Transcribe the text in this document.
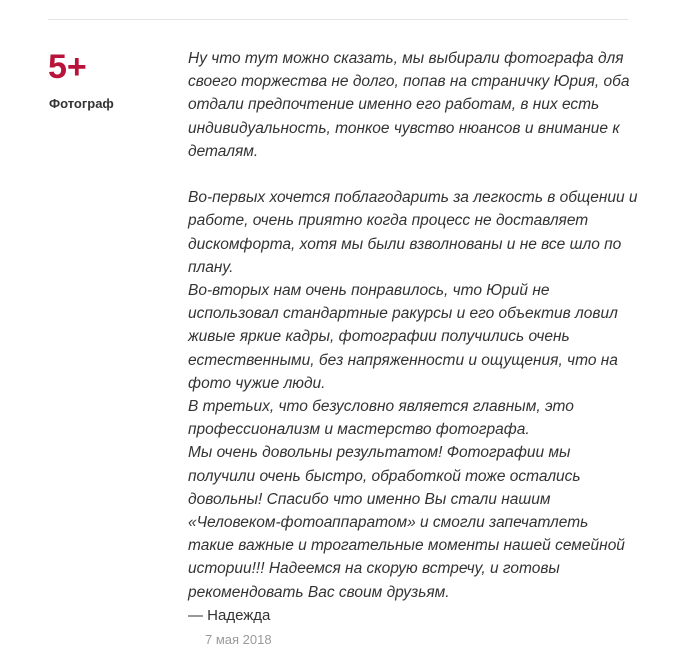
5+
Фотограф

Ну что тут можно сказать, мы выбирали фотографа для своего торжества не долго, попав на страничку Юрия, оба отдали предпочтение именно его работам, в них есть индивидуальность, тонкое чувство нюансов и внимание к деталям.

Во-первых хочется поблагодарить за легкость в общении и работе, очень приятно когда процесс не доставляет дискомфорта, хотя мы были взволнованы и не все шло по плану.

Во-вторых нам очень понравилось, что Юрий не использовал стандартные ракурсы и его объектив ловил живые яркие кадры, фотографии получились очень естественными, без напряженности и ощущения, что на фото чужие люди.

В третьих, что безусловно является главным, это профессионализм и мастерство фотографа.

Мы очень довольны результатом! Фотографии мы получили очень быстро, обработкой тоже остались довольны! Спасибо что именно Вы стали нашим «Человеком-фотоаппаратом» и смогли запечатлеть такие важные и трогательные моменты нашей семейной истории!!! Надеемся на скорую встречу, и готовы рекомендовать Вас своим друзьям.

— Надежда
7 мая 2018
